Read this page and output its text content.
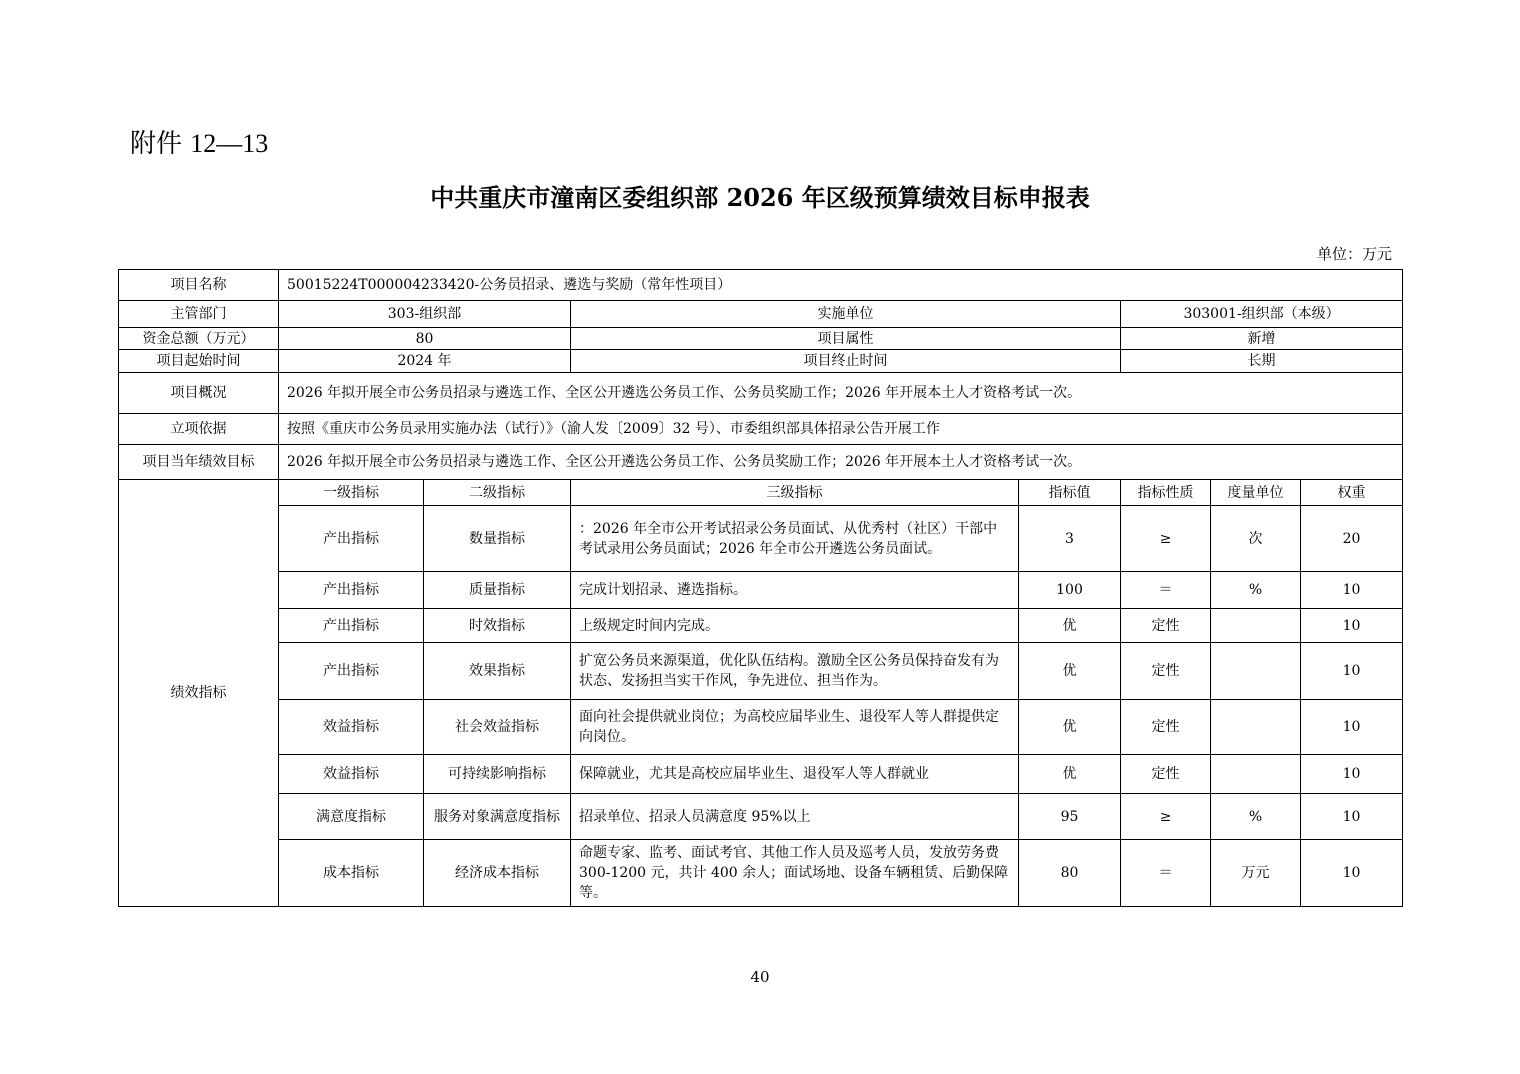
附件 12—13
中共重庆市潼南区委组织部 2026 年区级预算绩效目标申报表
单位：万元
项目名称	50015224T000004233420-公务员招录、遴选与奖励（常年性项目）						
主管部门	303-组织部		实施单位		303001-组织部（本级）		
资金总额（万元）	80		项目属性		新增		
项目起始时间	2024 年		项目终止时间		长期		
项目概况	2026 年拟开展全市公务员招录与遴选工作、全区公开遴选公务员工作、公务员奖励工作；2026 年开展本土人才资格考试一次。						
立项依据	按照《重庆市公务员录用实施办法（试行）》（渝人发〔2009〕32 号）、市委组织部具体招录公告开展工作						
项目当年绩效目标	2026 年拟开展全市公务员招录与遴选工作、全区公开遴选公务员工作、公务员奖励工作；2026 年开展本土人才资格考试一次。						
绩效指标	一级指标	二级指标	三级指标	指标值	指标性质	度量单位	权重
	产出指标	数量指标	：2026 年全市公开考试招录公务员面试、从优秀村（社区）干部中考试录用公务员面试；2026 年全市公开遴选公务员面试。	3	≥	次	20
	产出指标	质量指标	完成计划招录、遴选指标。	100	＝	%	10
	产出指标	时效指标	上级规定时间内完成。	优	定性		10
	产出指标	效果指标	扩宽公务员来源渠道，优化队伍结构。激励全区公务员保持奋发有为状态、发扬担当实干作风，争先进位、担当作为。	优	定性		10
	效益指标	社会效益指标	面向社会提供就业岗位；为高校应届毕业生、退役军人等人群提供定向岗位。	优	定性		10
	效益指标	可持续影响指标	保障就业，尤其是高校应届毕业生、退役军人等人群就业	优	定性		10
	满意度指标	服务对象满意度指标	招录单位、招录人员满意度 95%以上	95	≥	%	10
	成本指标	经济成本指标	命题专家、监考、面试考官、其他工作人员及巡考人员，发放劳务费 300-1200 元，共计 400 余人；面试场地、设备车辆租赁、后勤保障等。	80	＝	万元	10
40
